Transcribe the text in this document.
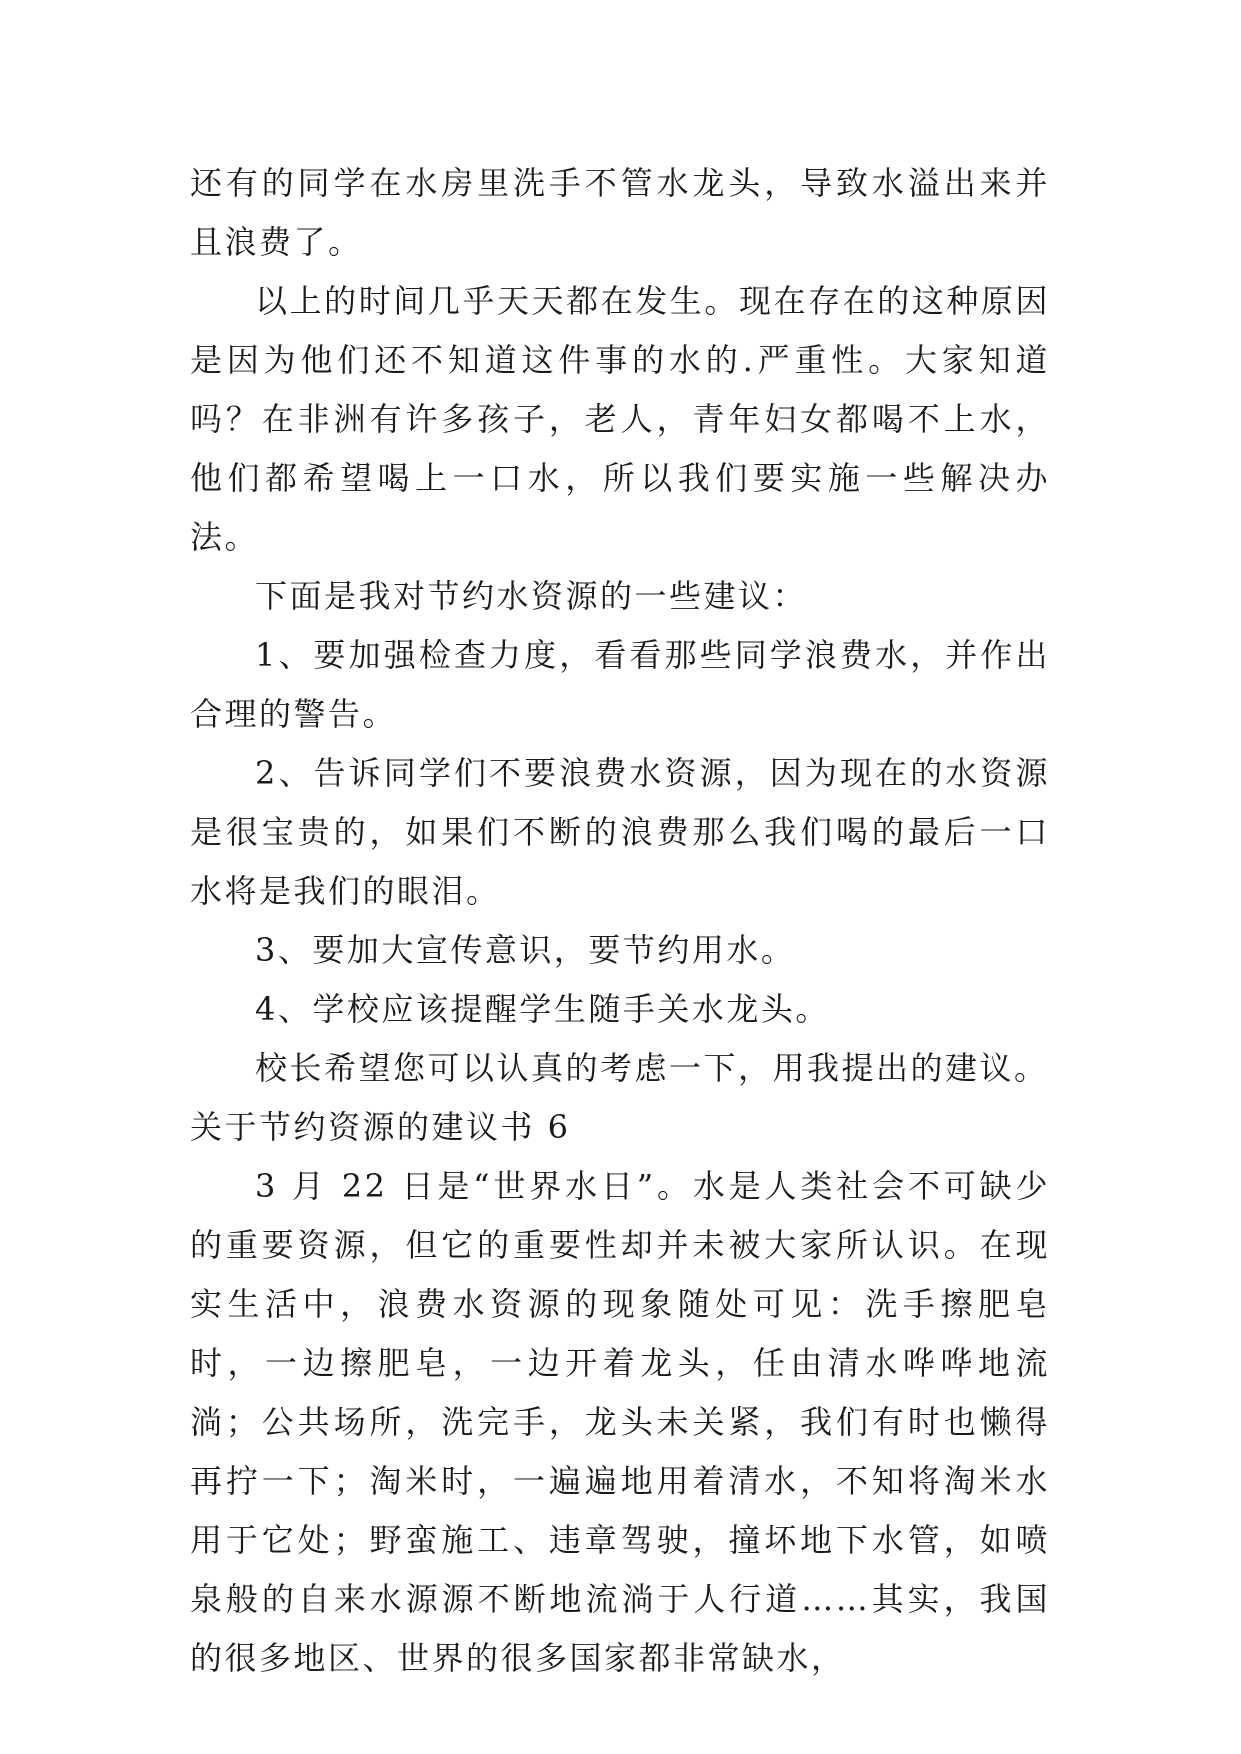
还有的同学在水房里洗手不管水龙头，导致水溢出来并且浪费了。

以上的时间几乎天天都在发生。现在存在的这种原因是因为他们还不知道这件事的水的.严重性。大家知道吗？在非洲有许多孩子，老人，青年妇女都喝不上水，他们都希望喝上一口水，所以我们要实施一些解决办法。

下面是我对节约水资源的一些建议：

1、要加强检查力度，看看那些同学浪费水，并作出合理的警告。

2、告诉同学们不要浪费水资源，因为现在的水资源是很宝贵的，如果们不断的浪费那么我们喝的最后一口水将是我们的眼泪。

3、要加大宣传意识，要节约用水。

4、学校应该提醒学生随手关水龙头。

校长希望您可以认真的考虑一下，用我提出的建议。

关于节约资源的建议书 6

3 月 22 日是“世界水日”。水是人类社会不可缺少的重要资源，但它的重要性却并未被大家所认识。在现实生活中，浪费水资源的现象随处可见：洗手擦肥皂时，一边擦肥皂，一边开着龙头，任由清水哗哗地流淌；公共场所，洗完手，龙头未关紧，我们有时也懒得再拧一下；淘米时，一遍遍地用着清水，不知将淘米水用于它处；野蛮施工、违章驾驶，撞坏地下水管，如喷泉般的自来水源源不断地流淌于人行道……其实，我国的很多地区、世界的很多国家都非常缺水，
